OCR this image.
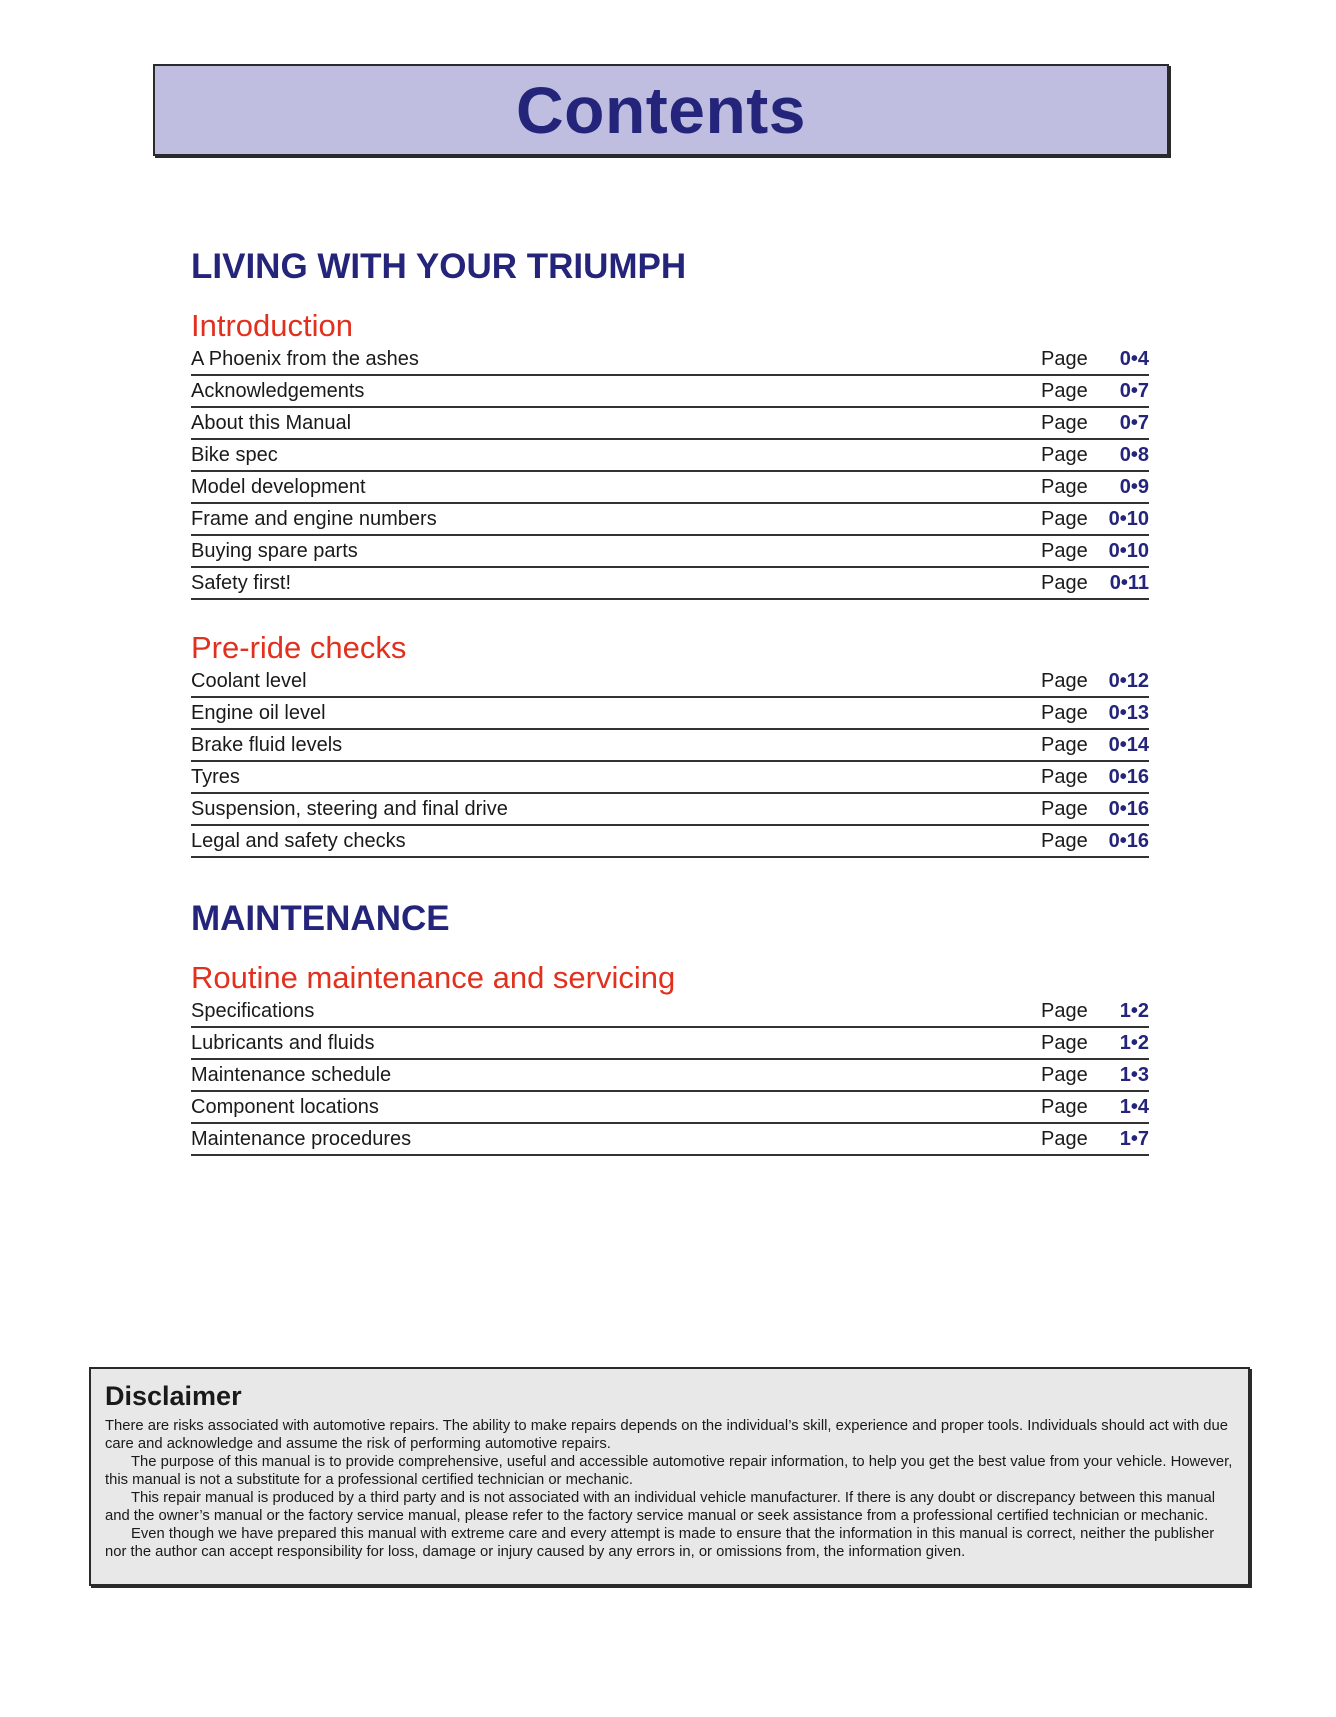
Contents
LIVING WITH YOUR TRIUMPH
Introduction
A Phoenix from the ashes	Page	0•4
Acknowledgements	Page	0•7
About this Manual	Page	0•7
Bike spec	Page	0•8
Model development	Page	0•9
Frame and engine numbers	Page	0•10
Buying spare parts	Page	0•10
Safety first!	Page	0•11
Pre-ride checks
Coolant level	Page	0•12
Engine oil level	Page	0•13
Brake fluid levels	Page	0•14
Tyres	Page	0•16
Suspension, steering and final drive	Page	0•16
Legal and safety checks	Page	0•16
MAINTENANCE
Routine maintenance and servicing
Specifications	Page	1•2
Lubricants and fluids	Page	1•2
Maintenance schedule	Page	1•3
Component locations	Page	1•4
Maintenance procedures	Page	1•7
Disclaimer

There are risks associated with automotive repairs. The ability to make repairs depends on the individual’s skill, experience and proper tools. Individuals should act with due care and acknowledge and assume the risk of performing automotive repairs.

The purpose of this manual is to provide comprehensive, useful and accessible automotive repair information, to help you get the best value from your vehicle. However, this manual is not a substitute for a professional certified technician or mechanic.

This repair manual is produced by a third party and is not associated with an individual vehicle manufacturer. If there is any doubt or discrepancy between this manual and the owner’s manual or the factory service manual, please refer to the factory service manual or seek assistance from a professional certified technician or mechanic.

Even though we have prepared this manual with extreme care and every attempt is made to ensure that the information in this manual is correct, neither the publisher nor the author can accept responsibility for loss, damage or injury caused by any errors in, or omissions from, the information given.
